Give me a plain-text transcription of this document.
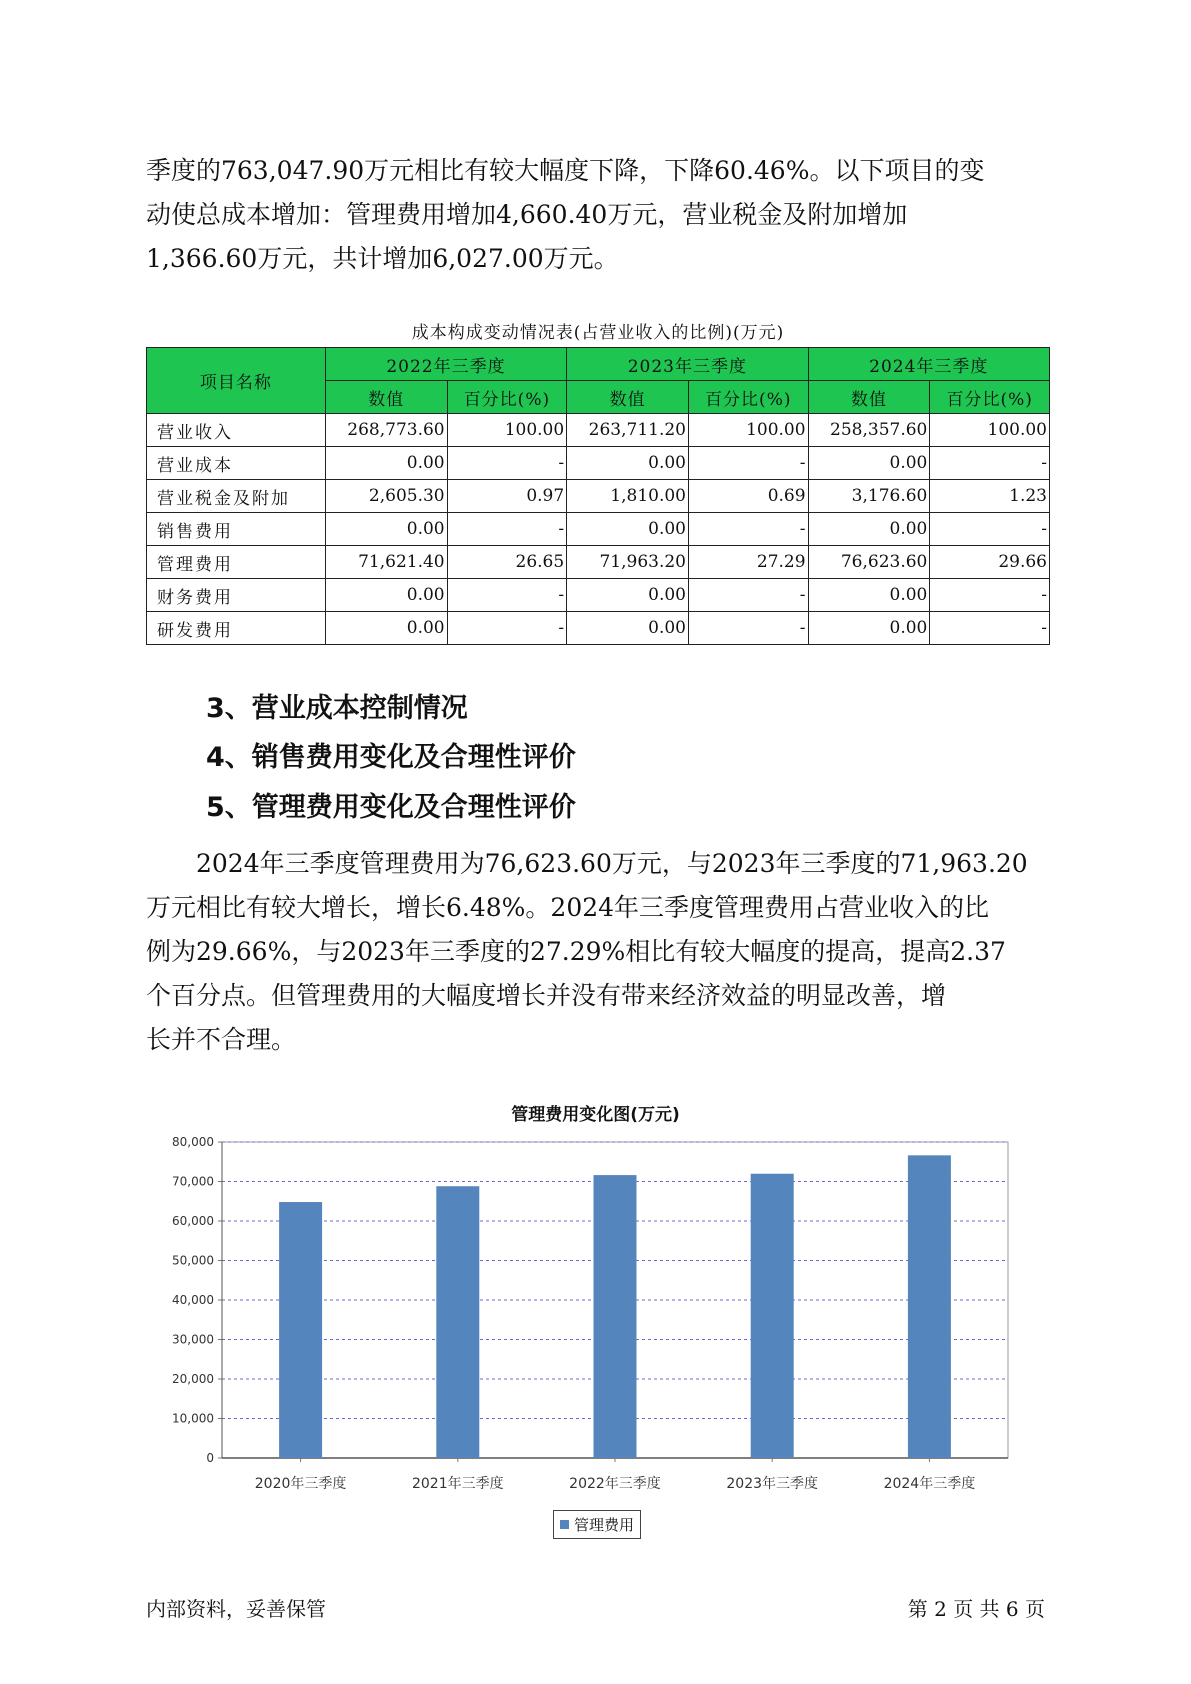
季度的763,047.90万元相比有较大幅度下降，下降60.46%。以下项目的变
动使总成本增加：管理费用增加4,660.40万元，营业税金及附加增加
1,366.60万元，共计增加6,027.00万元。
成本构成变动情况表(占营业收入的比例)(万元)
项目名称	2022年三季度		2023年三季度		2024年三季度	
	数值	百分比(%)	数值	百分比(%)	数值	百分比(%)
营业收入	268,773.60	100.00	263,711.20	100.00	258,357.60	100.00
营业成本	0.00	-	0.00	-	0.00	-
营业税金及附加	2,605.30	0.97	1,810.00	0.69	3,176.60	1.23
销售费用	0.00	-	0.00	-	0.00	-
管理费用	71,621.40	26.65	71,963.20	27.29	76,623.60	29.66
财务费用	0.00	-	0.00	-	0.00	-
研发费用	0.00	-	0.00	-	0.00	-
3、营业成本控制情况
4、销售费用变化及合理性评价
5、管理费用变化及合理性评价
2024年三季度管理费用为76,623.60万元，与2023年三季度的71,963.20
万元相比有较大增长，增长6.48%。2024年三季度管理费用占营业收入的比
例为29.66%，与2023年三季度的27.29%相比有较大幅度的提高，提高2.37
个百分点。但管理费用的大幅度增长并没有带来经济效益的明显改善，增
长并不合理。
管理费用变化图(万元)
0
10,000
20,000
30,000
40,000
50,000
60,000
70,000
80,000
2020年三季度	2021年三季度	2022年三季度	2023年三季度	2024年三季度
管理费用
内部资料，妥善保管	第 2 页 共 6 页
